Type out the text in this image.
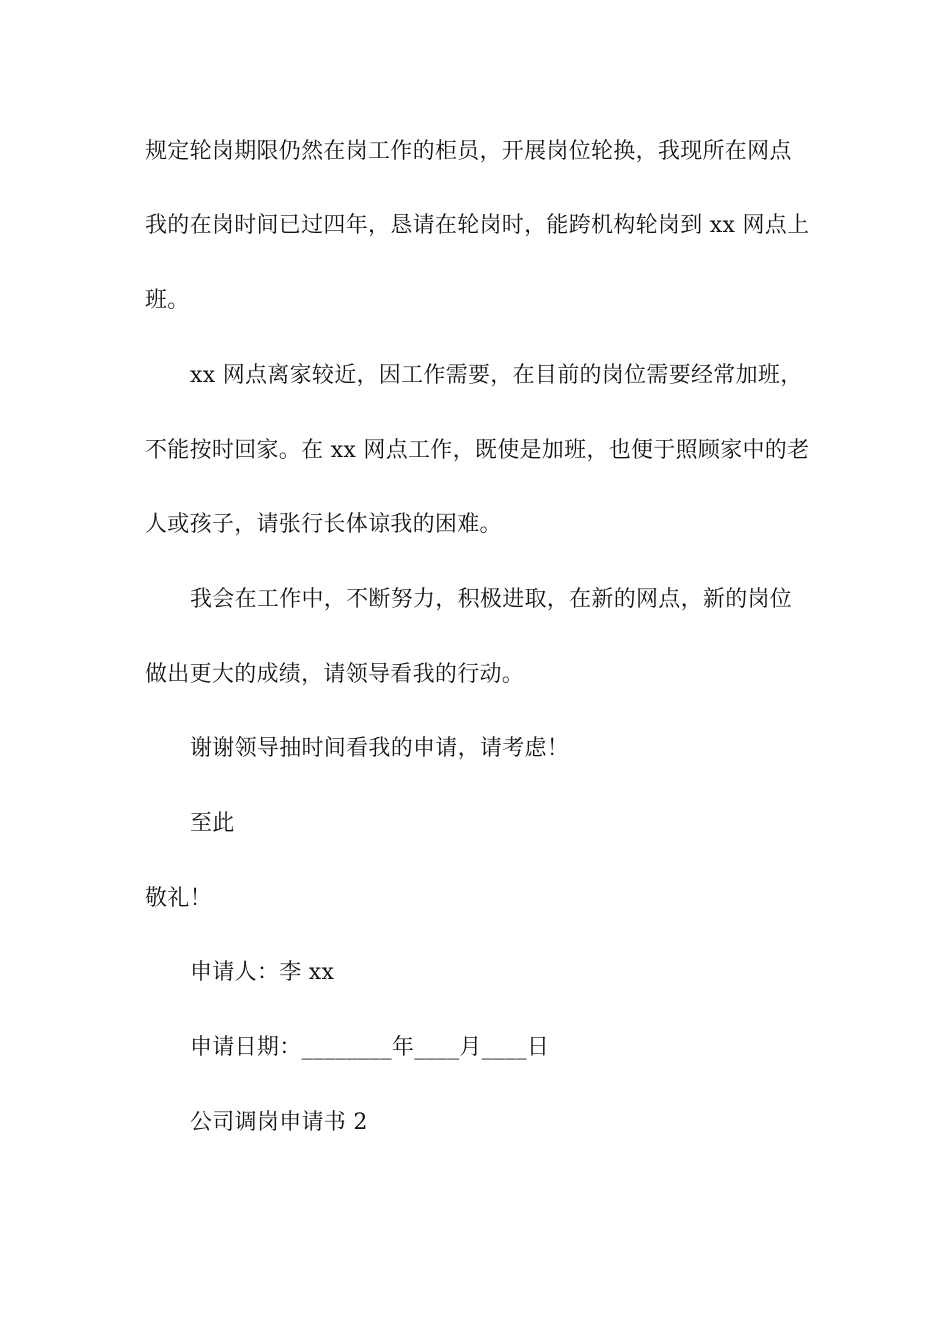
规定轮岗期限仍然在岗工作的柜员，开展岗位轮换，我现所在网点
我的在岗时间已过四年，恳请在轮岗时，能跨机构轮岗到 xx 网点上
班。
xx 网点离家较近，因工作需要，在目前的岗位需要经常加班，
不能按时回家。在 xx 网点工作，既使是加班，也便于照顾家中的老
人或孩子，请张行长体谅我的困难。
我会在工作中，不断努力，积极进取，在新的网点，新的岗位
做出更大的成绩，请领导看我的行动。
谢谢领导抽时间看我的申请，请考虑！
至此
敬礼！
申请人：李 xx
申请日期：________年____月____日
公司调岗申请书 2
